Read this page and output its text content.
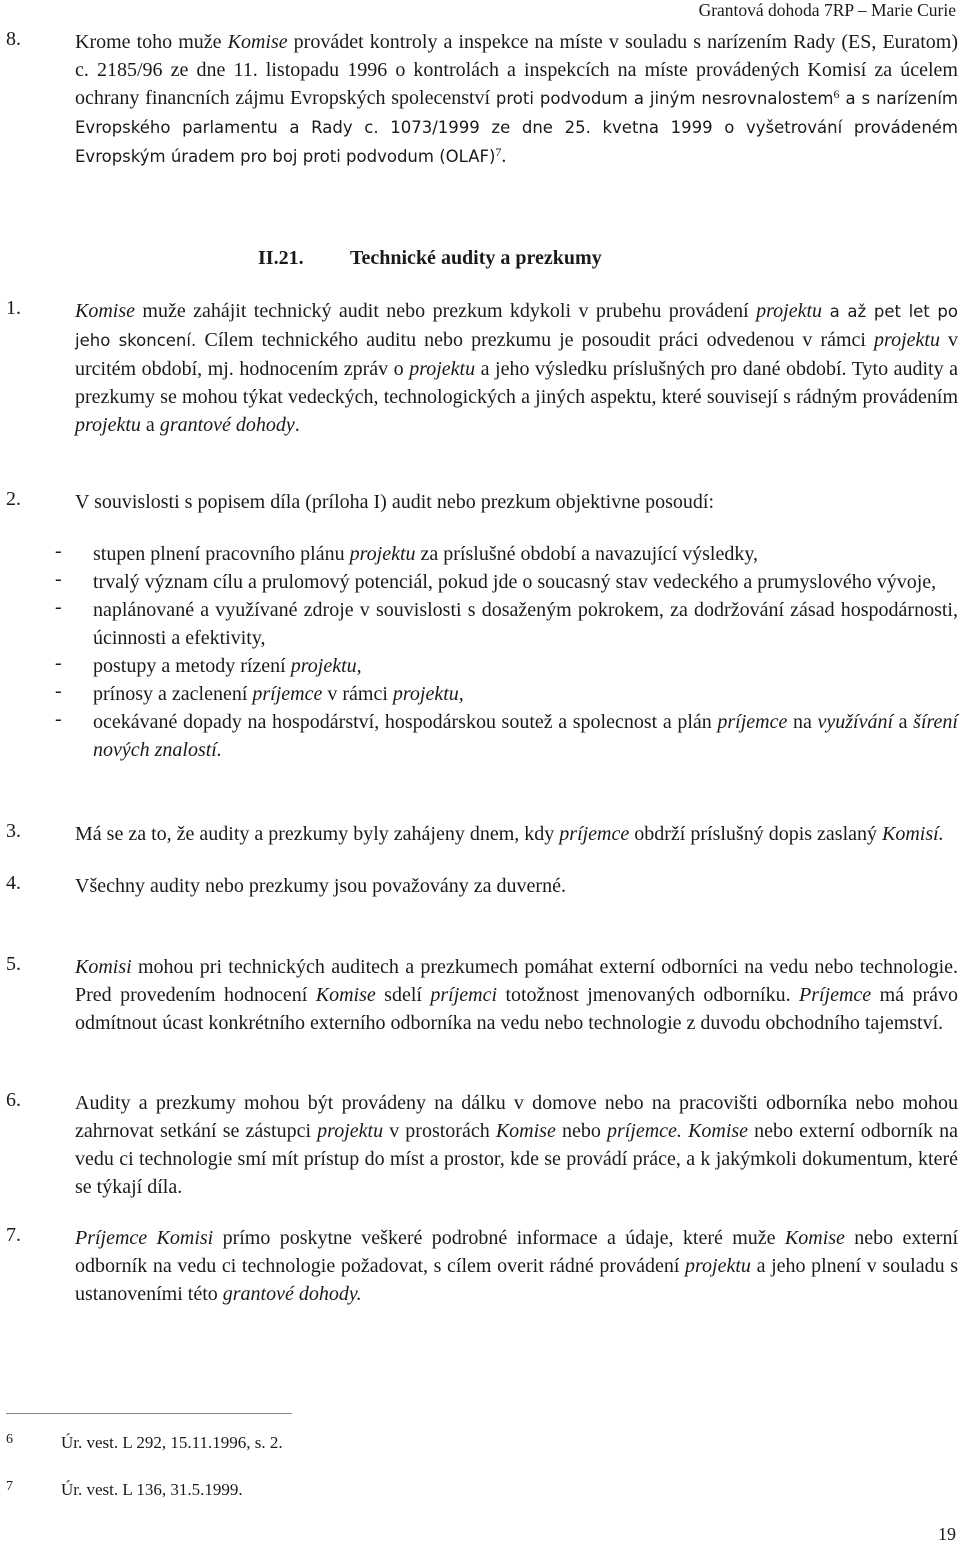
Grantová dohoda 7RP – Marie Curie
8.	Krome toho muže Komise provádet kontroly a inspekce na míste v souladu s narízením Rady (ES, Euratom) c. 2185/96 ze dne 11. listopadu 1996 o kontrolách a inspekcích na míste provádených Komisí za úcelem ochrany financních zájmu Evropských spolecenství proti podvodum a jiným nesrovnalostem$^6$ a s narízením Evropského parlamentu a Rady c. 1073/1999 ze dne 25. kvetna 1999 o vyšetrování provádeném Evropským úradem pro boj proti podvodum (OLAF)$^7$.
II.21. Technické audity a prezkumy
1.	Komise muže zahájit technický audit nebo prezkum kdykoli v prubehu provádení projektu a až pet let po jeho skoncení. Cílem technického auditu nebo prezkumu je posoudit práci odvedenou v rámci projektu v urcitém období, mj. hodnocením zpráv o projektu a jeho výsledku príslušných pro dané období. Tyto audity a prezkumy se mohou týkat vedeckých, technologických a jiných aspektu, které souvisejí s rádným provádením projektu a grantové dohody.
2.	V souvislosti s popisem díla (príloha I) audit nebo prezkum objektivne posoudí:
- stupen plnení pracovního plánu projektu za príslušné období a navazující výsledky,
- trvalý význam cílu a prulomový potenciál, pokud jde o soucasný stav vedeckého a prumyslového vývoje,
- naplánované a využívané zdroje v souvislosti s dosaženým pokrokem, za dodržování zásad hospodárnosti, úcinnosti a efektivity,
- postupy a metody rízení projektu,
- prínosy a zaclenení príjemce v rámci projektu,
- ocekávané dopady na hospodárství, hospodárskou soutež a spolecnost a plán príjemce na využívání a šírení nových znalostí.
3.	Má se za to, že audity a prezkumy byly zahájeny dnem, kdy príjemce obdrží príslušný dopis zaslaný Komisí.
4.	Všechny audity nebo prezkumy jsou považovány za duverné.
5.	Komisi mohou pri technických auditech a prezkumech pomáhat externí odborníci na vedu nebo technologie. Pred provedením hodnocení Komise sdelí príjemci totožnost jmenovaných odborníku. Príjemce má právo odmítnout úcast konkrétního externího odborníka na vedu nebo technologie z duvodu obchodního tajemství.
6.	Audity a prezkumy mohou být provádeny na dálku v domove nebo na pracovišti odborníka nebo mohou zahrnovat setkání se zástupci projektu v prostorách Komise nebo príjemce. Komise nebo externí odborník na vedu ci technologie smí mít prístup do míst a prostor, kde se provádí práce, a k jakýmkoli dokumentum, které se týkají díla.
7.	Príjemce Komisi prímo poskytne veškeré podrobné informace a údaje, které muže Komise nebo externí odborník na vedu ci technologie požadovat, s cílem overit rádné provádení projektu a jeho plnení v souladu s ustanoveními této grantové dohody.
6	Úr. vest. L 292, 15.11.1996, s. 2.
7	Úr. vest. L 136, 31.5.1999.
19
